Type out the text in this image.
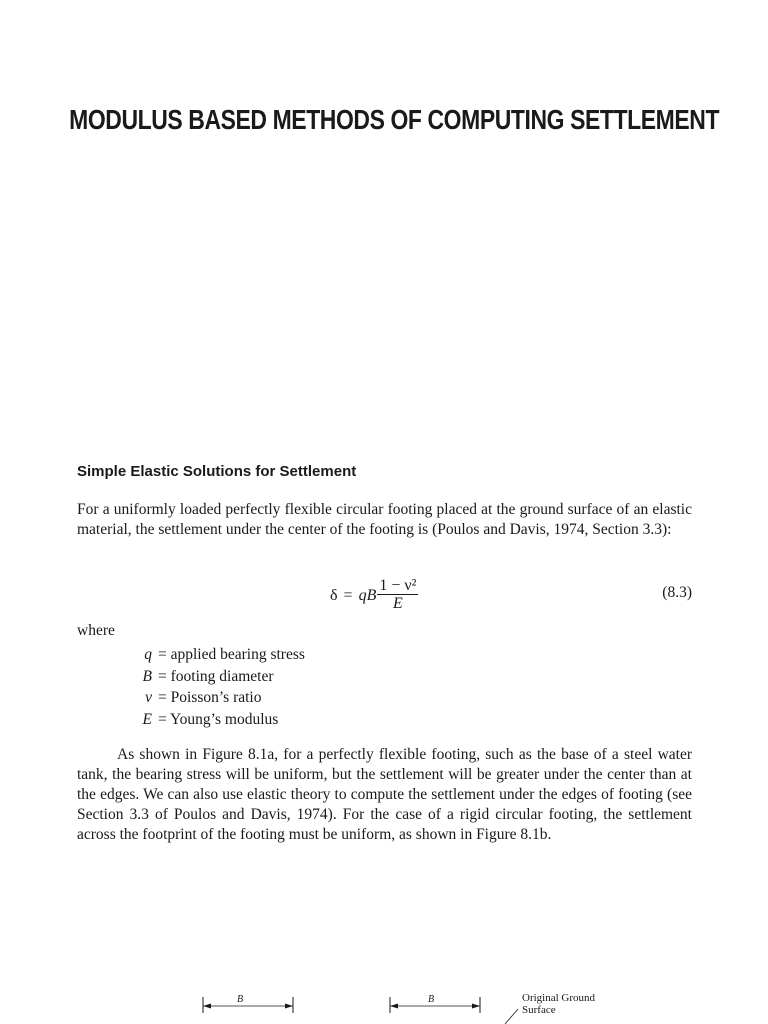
MODULUS BASED METHODS OF COMPUTING SETTLEMENT
Simple Elastic Solutions for Settlement

For a uniformly loaded perfectly flexible circular footing placed at the ground surface of an elastic material, the settlement under the center of the footing is (Poulos and Davis, 1974, Section 3.3):

δ = qB $\frac{\text{1 − ν²}}{E}$	(8.3)
where
q = applied bearing stress
B = footing diameter
ν = Poisson’s ratio
E = Young’s modulus

As shown in Figure 8.1a, for a perfectly flexible footing, such as the base of a steel water tank, the bearing stress will be uniform, but the settlement will be greater under the center than at the edges. We can also use elastic theory to compute the settlement under the edges of footing (see Section 3.3 of Poulos and Davis, 1974). For the case of a rigid circular footing, the settlement across the footprint of the footing must be uniform, as shown in Figure 8.1b.

B	B	Original Ground
Surface
